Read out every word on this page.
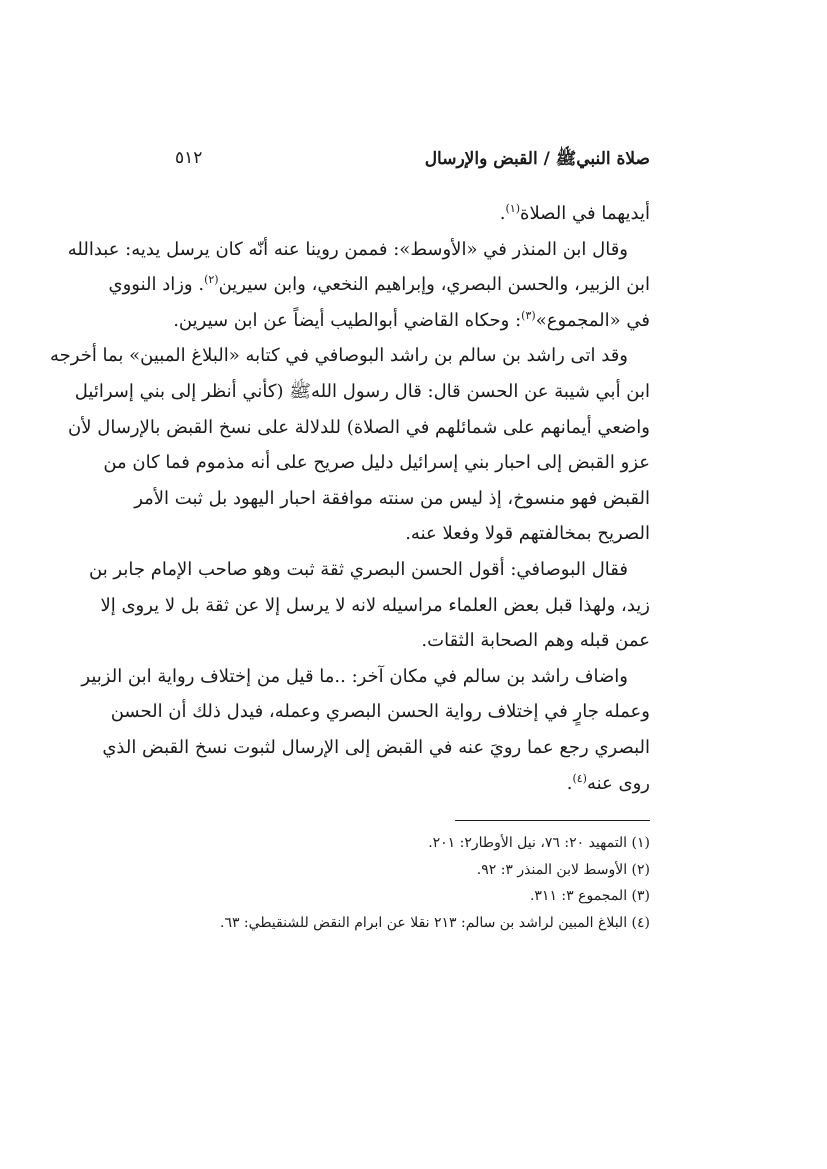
صلاة النبيﷺ / القبض والإرسال
٥١٢
أيديهما في الصلاة$^{(١)}$.
وقال ابن المنذر في «الأوسط»: فممن روينا عنه أنّه كان يرسل يديه: عبدالله
ابن الزبير، والحسن البصري، وإبراهيم النخعي، وابن سيرين$^{(٢)}$. وزاد النووي
في «المجموع»$^{(٣)}$: وحكاه القاضي أبوالطيب أيضاً عن ابن سيرين.
وقد اتى راشد بن سالم بن راشد البوصافي في كتابه «البلاغ المبين» بما أخرجه
ابن أبي شيبة عن الحسن قال: قال رسول اللهﷺ (كأني أنظر إلى بني إسرائيل
واضعي أيمانهم على شمائلهم في الصلاة) للدلالة على نسخ القبض بالإرسال لأن
عزو القبض إلى احبار بني إسرائيل دليل صريح على أنه مذموم فما كان من
القبض فهو منسوخ، إذ ليس من سنته موافقة احبار اليهود بل ثبت الأمر
الصريح بمخالفتهم قولا وفعلا عنه.
فقال البوصافي: أقول الحسن البصري ثقة ثبت وهو صاحب الإمام جابر بن
زيد، ولهذا قبل بعض العلماء مراسيله لانه لا يرسل إلا عن ثقة بل لا يروى إلا
عمن قبله وهم الصحابة الثقات.
واضاف راشد بن سالم في مكان آخر: ..ما قيل من إختلاف رواية ابن الزبير
وعمله جارٍ في إختلاف رواية الحسن البصري وعمله، فيدل ذلك أن الحسن
البصري رجع عما رويَ عنه في القبض إلى الإرسال لثبوت نسخ القبض الذي
روى عنه$^{(٤)}$.
(١) التمهيد ٢٠: ٧٦، نيل الأوطار٢: ٢٠١.
(٢) الأوسط لابن المنذر ٣: ٩٢.
(٣) المجموع ٣: ٣١١.
(٤) البلاغ المبين لراشد بن سالم: ٢١٣ نقلا عن ابرام النقض للشنقيطي: ٦٣.
